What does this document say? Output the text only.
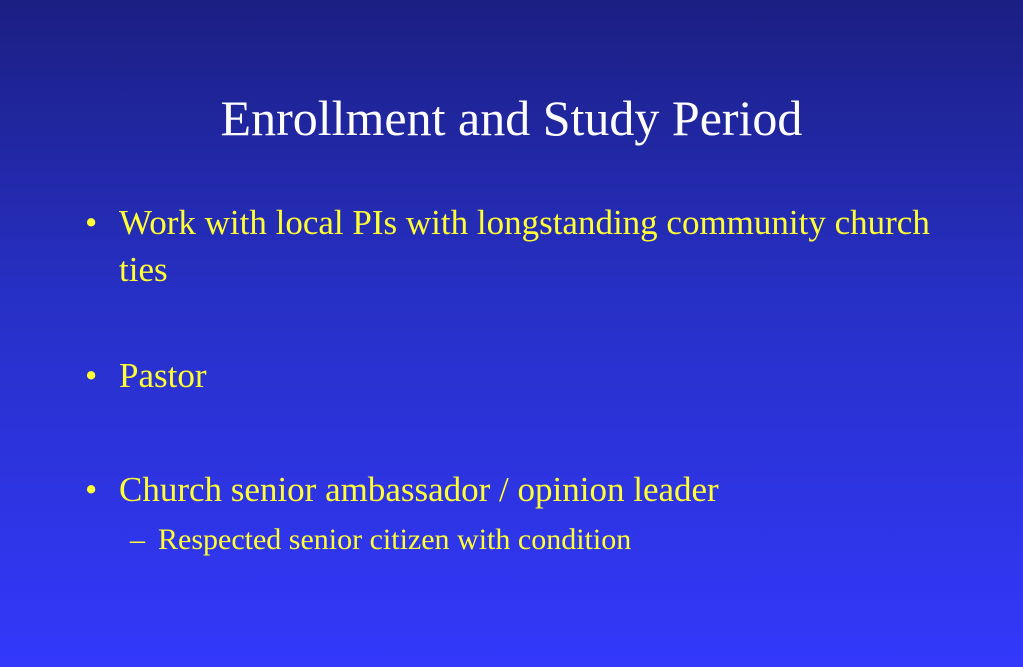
Enrollment and Study Period
• Work with local PIs with longstanding community church ties
• Pastor
• Church senior ambassador / opinion leader
– Respected senior citizen with condition
